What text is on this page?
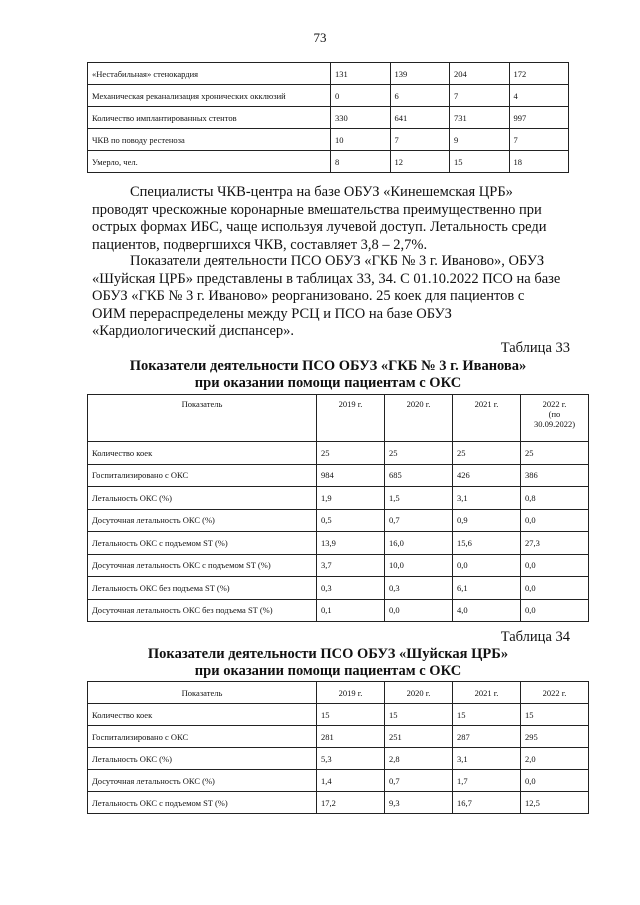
73
«Нестабильная» стенокардия	131	139	204	172
Механическая реканализация хронических окклюзий	0	6	7	4
Количество имплантированных стентов	330	641	731	997
ЧКВ по поводу рестеноза	10	7	9	7
Умерло, чел.	8	12	15	18
Специалисты ЧКВ-центра на базе ОБУЗ «Кинешемская ЦРБ»
проводят чрескожные коронарные вмешательства преимущественно при
острых формах ИБС, чаще используя лучевой доступ. Летальность среди
пациентов, подвергшихся ЧКВ, составляет 3,8 – 2,7%.
Показатели деятельности ПСО ОБУЗ «ГКБ № 3 г. Иваново», ОБУЗ
«Шуйская ЦРБ» представлены в таблицах 33, 34. С 01.10.2022 ПСО на базе
ОБУЗ «ГКБ № 3 г. Иваново» реорганизовано. 25 коек для пациентов с
ОИМ перераспределены между РСЦ и ПСО на базе ОБУЗ
«Кардиологический диспансер».
Таблица 33
Показатели деятельности ПСО ОБУЗ «ГКБ № 3 г. Иванова»
при оказании помощи пациентам с ОКС
Показатель	2019 г.	2020 г.	2021 г.	2022 г.
(по
30.09.2022)

Количество коек	25	25	25	25
Госпитализировано с ОКС	984	685	426	386
Летальность ОКС (%)	1,9	1,5	3,1	0,8
Досуточная летальность ОКС (%)	0,5	0,7	0,9	0,0
Летальность ОКС с подъемом ST (%)	13,9	16,0	15,6	27,3
Досуточная летальность ОКС с подъемом ST (%)	3,7	10,0	0,0	0,0
Летальность ОКС без подъема ST (%)	0,3	0,3	6,1	0,0
Досуточная летальность ОКС без подъема ST (%)	0,1	0,0	4,0	0,0
Таблица 34
Показатели деятельности ПСО ОБУЗ «Шуйская ЦРБ»
при оказании помощи пациентам с ОКС
Показатель	2019 г.	2020 г.	2021 г.	2022 г.
Количество коек	15	15	15	15
Госпитализировано с ОКС	281	251	287	295
Летальность ОКС (%)	5,3	2,8	3,1	2,0
Досуточная летальность ОКС (%)	1,4	0,7	1,7	0,0
Летальность ОКС с подъемом ST (%)	17,2	9,3	16,7	12,5
